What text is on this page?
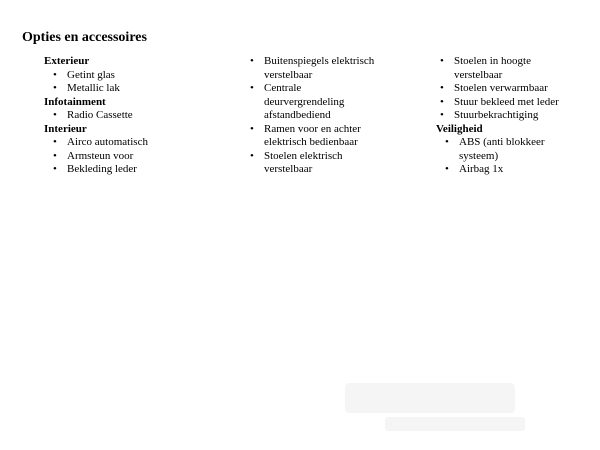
Opties en accessoires
Exterieur
• Getint glas
• Metallic lak
Infotainment
• Radio Cassette
Interieur
• Airco automatisch
• Armsteun voor
• Bekleding leder
• Buitenspiegels elektrisch
verstelbaar
• Centrale
deurvergrendeling
afstandbediend
• Ramen voor en achter
elektrisch bedienbaar
• Stoelen elektrisch
verstelbaar
• Stoelen in hoogte
verstelbaar
• Stoelen verwarmbaar
• Stuur bekleed met leder
• Stuurbekrachtiging
Veiligheid
• ABS (anti blokkeer
systeem)
• Airbag 1x
